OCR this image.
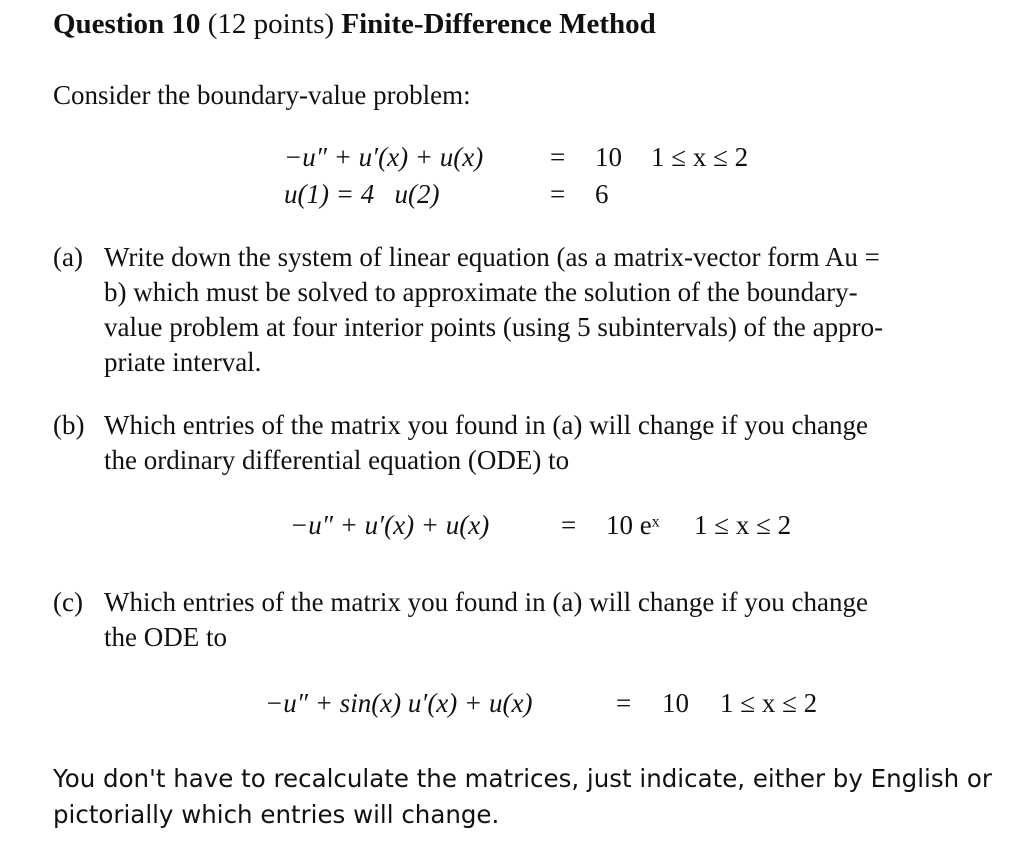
Question 10 (12 points) Finite-Difference Method
Consider the boundary-value problem:
−u″ + u′(x) + u(x) = 10 1 ≤ x ≤ 2
u(1) = 4   u(2)	= 6
(a) Write down the system of linear equation (as a matrix-vector form Au =
b) which must be solved to approximate the solution of the boundary-
value problem at four interior points (using 5 subintervals) of the appro-
priate interval.
(b) Which entries of the matrix you found in (a) will change if you change
the ordinary differential equation (ODE) to
−u″ + u′(x) + u(x)	= 10 eˣ 1 ≤ x ≤ 2
(c) Which entries of the matrix you found in (a) will change if you change
the ODE to
−u″ + sin(x) u′(x) + u(x)	= 10 1 ≤ x ≤ 2
You don't have to recalculate the matrices, just indicate, either by English or
pictorially which entries will change.
